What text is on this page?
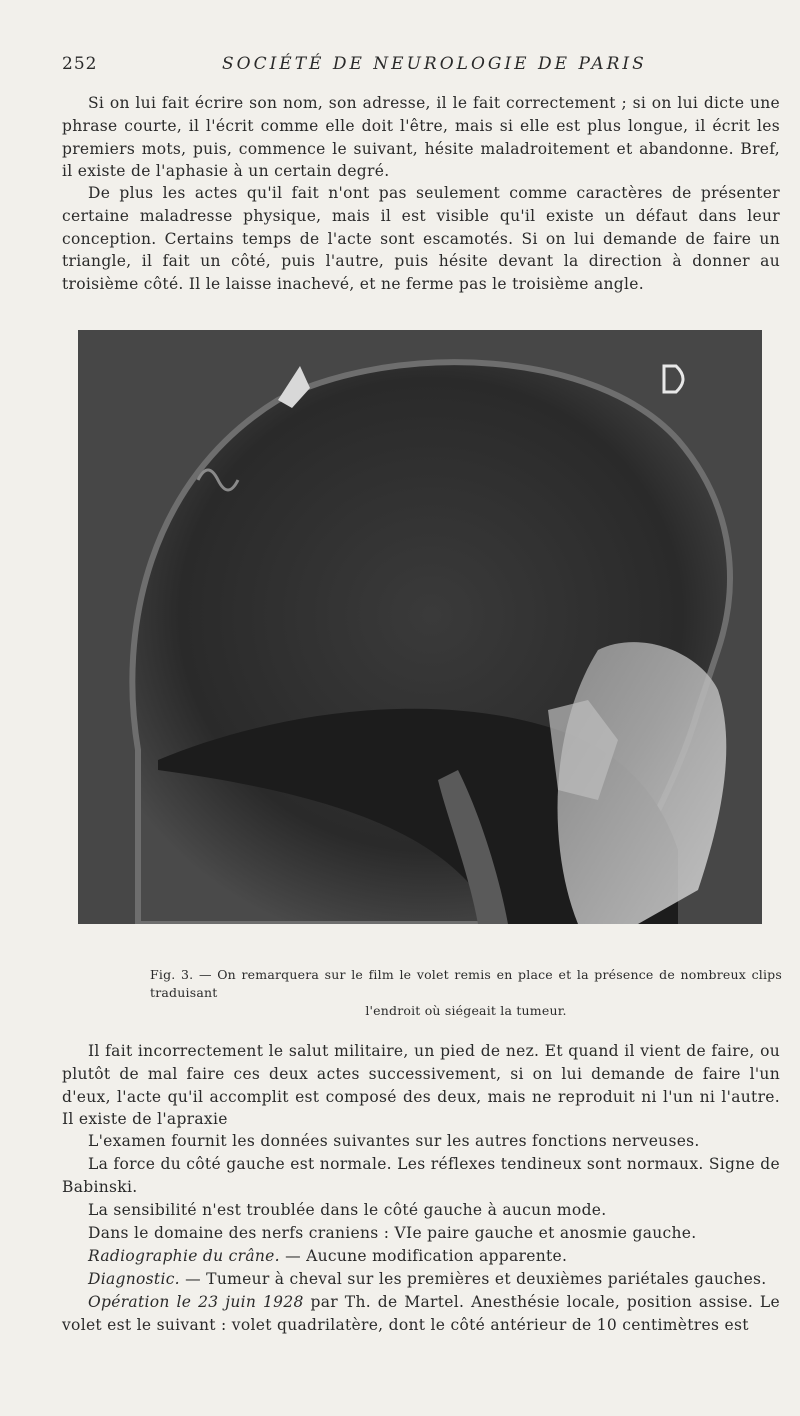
252	SOCIÉTÉ DE NEUROLOGIE DE PARIS

Si on lui fait écrire son nom, son adresse, il le fait correctement ; si on lui dicte une phrase courte, il l'écrit comme elle doit l'être, mais si elle est plus longue, il écrit les premiers mots, puis, commence le suivant, hésite maladroitement et abandonne. Bref, il existe de l'aphasie à un certain degré.

De plus les actes qu'il fait n'ont pas seulement comme caractères de présenter certaine maladresse physique, mais il est visible qu'il existe un défaut dans leur conception. Certains temps de l'acte sont escamotés. Si on lui demande de faire un triangle, il fait un côté, puis l'autre, puis hésite devant la direction à donner au troisième côté. Il le laisse inachevé, et ne ferme pas le troisième angle.

Fig. 3. — On remarquera sur le film le volet remis en place et la présence de nombreux clips traduisant
l'endroit où siégeait la tumeur.

Il fait incorrectement le salut militaire, un pied de nez. Et quand il vient de faire, ou plutôt de mal faire ces deux actes successivement, si on lui demande de faire l'un d'eux, l'acte qu'il accomplit est composé des deux, mais ne reproduit ni l'un ni l'autre. Il existe de l'apraxie

L'examen fournit les données suivantes sur les autres fonctions nerveuses.

La force du côté gauche est normale. Les réflexes tendineux sont normaux. Signe de Babinski.

La sensibilité n'est troublée dans le côté gauche à aucun mode.

Dans le domaine des nerfs craniens : VIe paire gauche et anosmie gauche.

Radiographie du crâne. — Aucune modification apparente.

Diagnostic. — Tumeur à cheval sur les premières et deuxièmes pariétales gauches.

Opération le 23 juin 1928 par Th. de Martel. Anesthésie locale, position assise. Le volet est le suivant : volet quadrilatère, dont le côté antérieur de 10 centimètres est
